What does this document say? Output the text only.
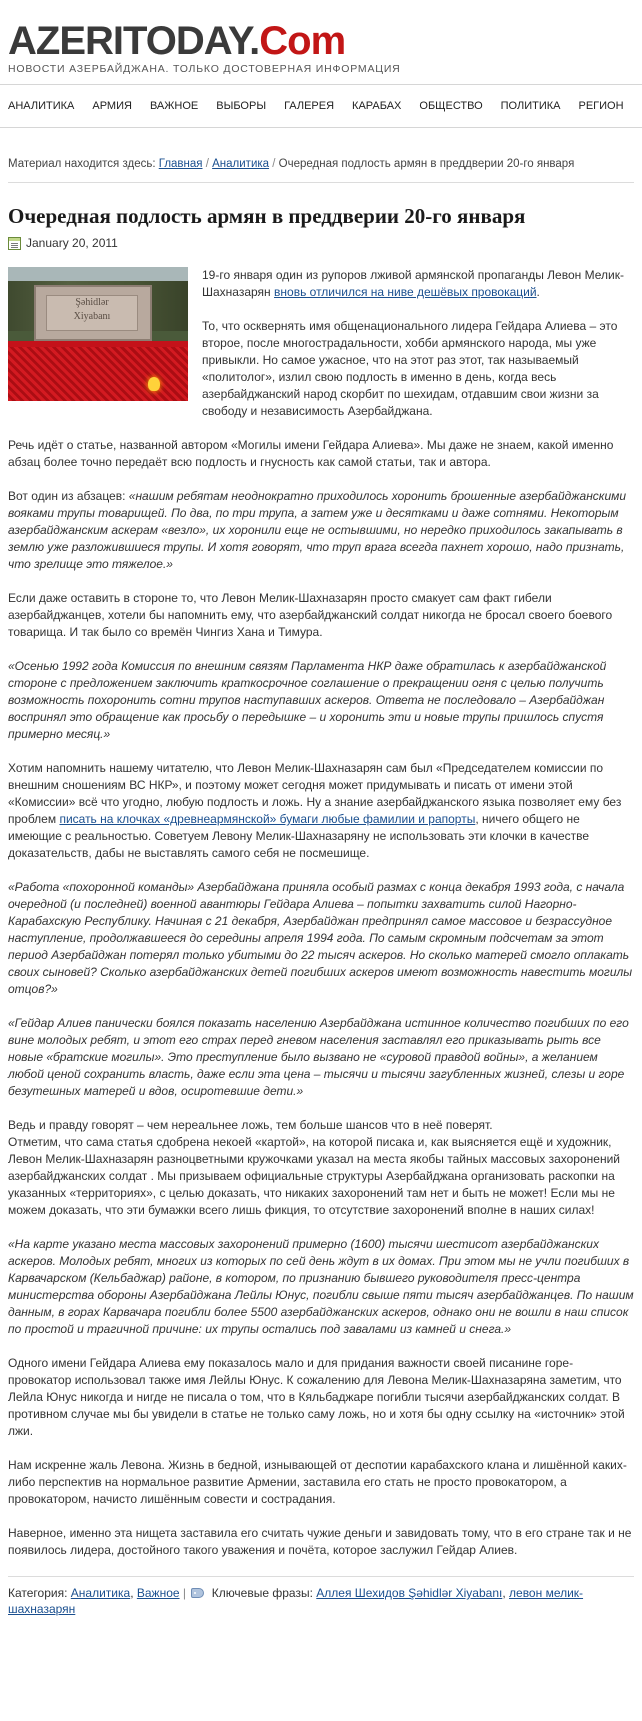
AZERITODAY.Com
НОВОСТИ АЗЕРБАЙДЖАНА. ТОЛЬКО ДОСТОВЕРНАЯ ИНФОРМАЦИЯ
АНАЛИТИКА АРМИЯ ВАЖНОЕ ВЫБОРЫ ГАЛЕРЕЯ КАРАБАХ ОБЩЕСТВО ПОЛИТИКА РЕГИОН
Материал находится здесь: Главная / Аналитика / Очередная подлость армян в преддверии 20-го января
Очередная подлость армян в преддверии 20-го января
January 20, 2011
Şəhidlər
Xiyabanı

19-го января один из рупоров лживой армянской пропаганды Левон Мелик-Шахназарян вновь отличился на ниве дешёвых провокаций.

То, что осквернять имя общенационального лидера Гейдара Алиева – это второе, после многострадальности, хобби армянского народа, мы уже привыкли. Но самое ужасное, что на этот раз этот, так называемый «политолог», излил свою подлость в именно в день, когда весь азербайджанский народ скорбит по шехидам, отдавшим свои жизни за свободу и независимость Азербайджана.

Речь идёт о статье, названной автором «Могилы имени Гейдара Алиева». Мы даже не знаем, какой именно абзац более точно передаёт всю подлость и гнусность как самой статьи, так и автора.

Вот один из абзацев: «нашим ребятам неоднократно приходилось хоронить брошенные азербайджанскими вояками трупы товарищей. По два, по три трупа, а затем уже и десятками и даже сотнями. Некоторым азербайджанским аскерам «везло», их хоронили еще не остывшими, но нередко приходилось закапывать в землю уже разложившиеся трупы. И хотя говорят, что труп врага всегда пахнет хорошо, надо признать, что зрелище это тяжелое.»

Если даже оставить в стороне то, что Левон Мелик-Шахназарян просто смакует сам факт гибели азербайджанцев, хотели бы напомнить ему, что азербайджанский солдат никогда не бросал своего боевого товарища. И так было со времён Чингиз Хана и Тимура.

«Осенью 1992 года Комиссия по внешним связям Парламента НКР даже обратилась к азербайджанской стороне с предложением заключить краткосрочное соглашение о прекращении огня с целью получить возможность похоронить сотни трупов наступавших аскеров. Ответа не последовало – Азербайджан воспринял это обращение как просьбу о передышке – и хоронить эти и новые трупы пришлось спустя примерно месяц.»

Хотим напомнить нашему читателю, что Левон Мелик-Шахназарян сам был «Председателем комиссии по внешним сношениям ВС НКР», и поэтому может сегодня может придумывать и писать от имени этой «Комиссии» всё что угодно, любую подлость и ложь. Ну а знание азербайджанского языка позволяет ему без проблем писать на клочках «древнеармянской» бумаги любые фамилии и рапорты, ничего общего не имеющие с реальностью. Советуем Левону Мелик-Шахназаряну не использовать эти клочки в качестве доказательств, дабы не выставлять самого себя не посмешище.

«Работа «похоронной команды» Азербайджана приняла особый размах с конца декабря 1993 года, с начала очередной (и последней) военной авантюры Гейдара Алиева – попытки захватить силой Нагорно-Карабахскую Республику. Начиная с 21 декабря, Азербайджан предпринял самое массовое и безрассудное наступление, продолжавшееся до середины апреля 1994 года. По самым скромным подсчетам за этот период Азербайджан потерял только убитыми до 22 тысяч аскеров. Но сколько матерей смогло оплакать своих сыновей? Сколько азербайджанских детей погибших аскеров имеют возможность навестить могилы отцов?»

«Гейдар Алиев панически боялся показать населению Азербайджана истинное количество погибших по его вине молодых ребят, и этот его страх перед гневом населения заставлял его приказывать рыть все новые «братские могилы». Это преступление было вызвано не «суровой правдой войны», а желанием любой ценой сохранить власть, даже если эта цена – тысячи и тысячи загубленных жизней, слезы и горе безутешных матерей и вдов, осиротевшие дети.»

Ведь и правду говорят – чем нереальнее ложь, тем больше шансов что в неё поверят.

Отметим, что сама статья сдобрена некоей «картой», на которой писака и, как выясняется ещё и художник, Левон Мелик-Шахназарян разноцветными кружочками указал на места якобы тайных массовых захоронений азербайджанских солдат . Мы призываем официальные структуры Азербайджана организовать раскопки на указанных «территориях», с целью доказать, что никаких захоронений там нет и быть не может! Если мы не можем доказать, что эти бумажки всего лишь фикция, то отсутствие захоронений вполне в наших силах!

«На карте указано места массовых захоронений примерно (1600) тысячи шестисот азербайджанских аскеров. Молодых ребят, многих из которых по сей день ждут в их домах. При этом мы не учли погибших в Карвачарском (Кельбаджар) районе, в котором, по признанию бывшего руководителя пресс-центра министерства обороны Азербайджана Лейлы Юнус, погибли свыше пяти тысяч азербайджанцев. По нашим данным, в горах Карвачара погибли более 5500 азербайджанских аскеров, однако они не вошли в наш список по простой и трагичной причине: их трупы остались под завалами из камней и снега.»

Одного имени Гейдара Алиева ему показалось мало и для придания важности своей писанине горе-провокатор использовал также имя Лейлы Юнус. К сожалению для Левона Мелик-Шахназаряна заметим, что Лейла Юнус никогда и нигде не писала о том, что в Кяльбаджаре погибли тысячи азербайджанских солдат. В противном случае мы бы увидели в статье не только саму ложь, но и хотя бы одну ссылку на «источник» этой лжи.

Нам искренне жаль Левона. Жизнь в бедной, изнывающей от деспотии карабахского клана и лишённой каких-либо перспектив на нормальное развитие Армении, заставила его стать не просто провокатором, а провокатором, начисто лишённым совести и сострадания.

Наверное, именно эта нищета заставила его считать чужие деньги и завидовать тому, что в его стране так и не появилось лидера, достойного такого уважения и почёта, которое заслужил Гейдар Алиев.

Категория: Аналитика, Важное | Ключевые фразы: Аллея Шехидов Şəhidlər Xiyabanı, левон мелик-шахназарян
